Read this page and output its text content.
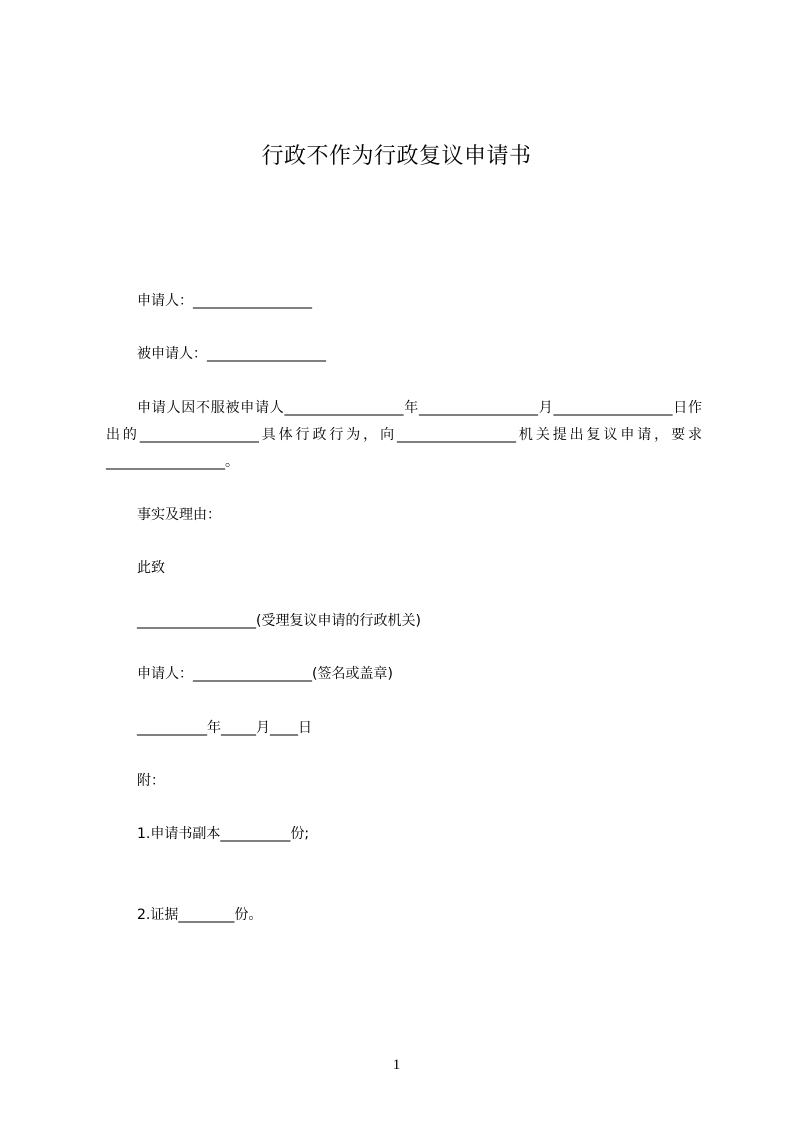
行政不作为行政复议申请书
申请人：_________________
被申请人：_________________
申请人因不服被申请人_________________年_________________月_________________日作出的_________________具体行政行为，向_________________机关提出复议申请，要求_________________。
事实及理由：
此致
_________________(受理复议申请的行政机关)
申请人：_________________(签名或盖章)
__________年_____月____日
附：
1.申请书副本__________份;
2.证据________份。
1
